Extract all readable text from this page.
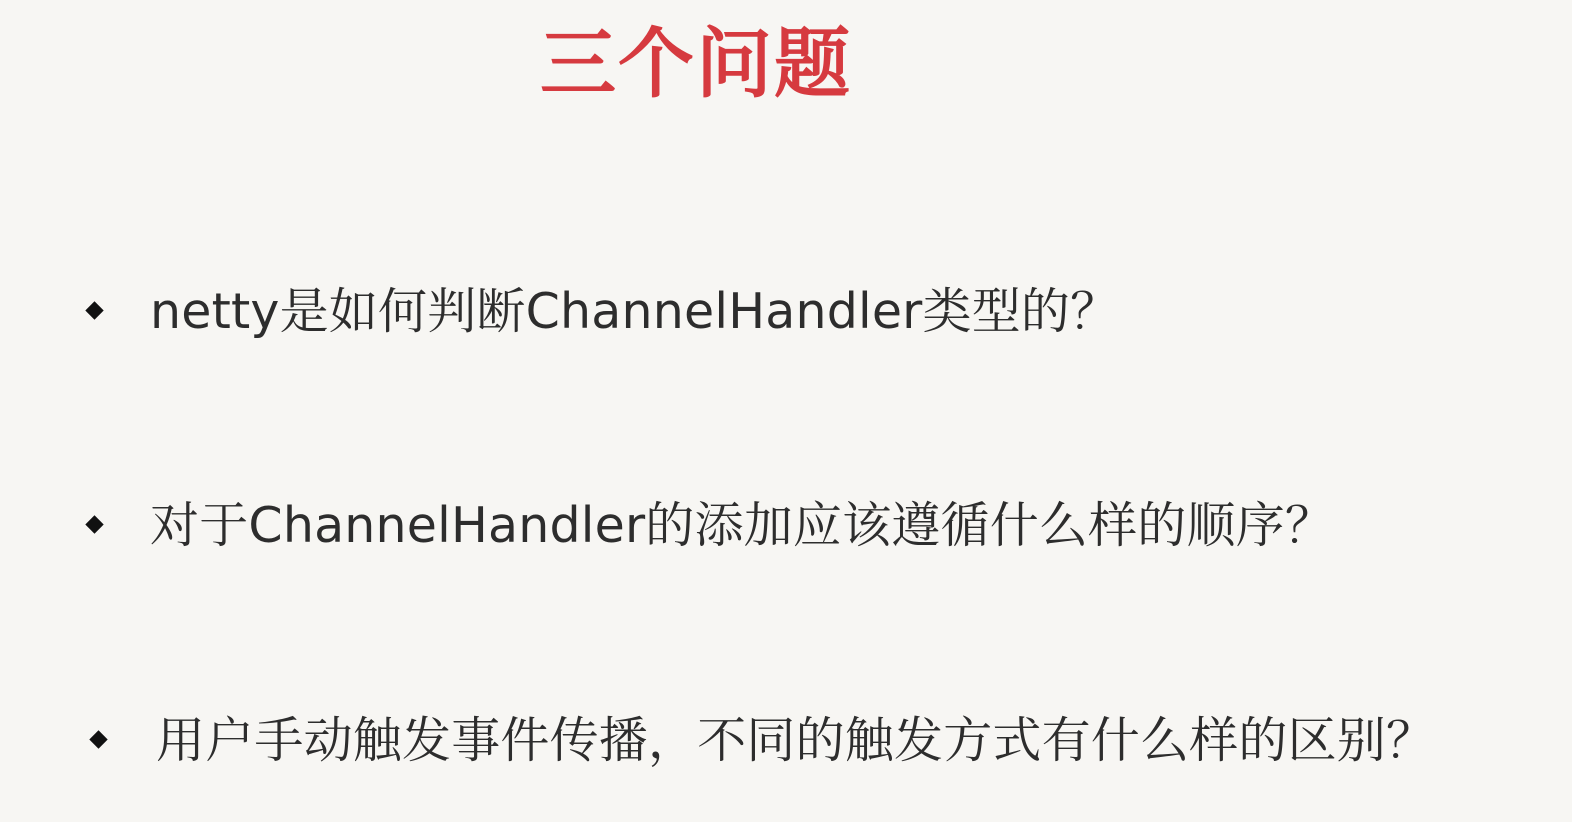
三个问题
netty是如何判断ChannelHandler类型的？
对于ChannelHandler的添加应该遵循什么样的顺序？
用户手动触发事件传播，不同的触发方式有什么样的区别？
